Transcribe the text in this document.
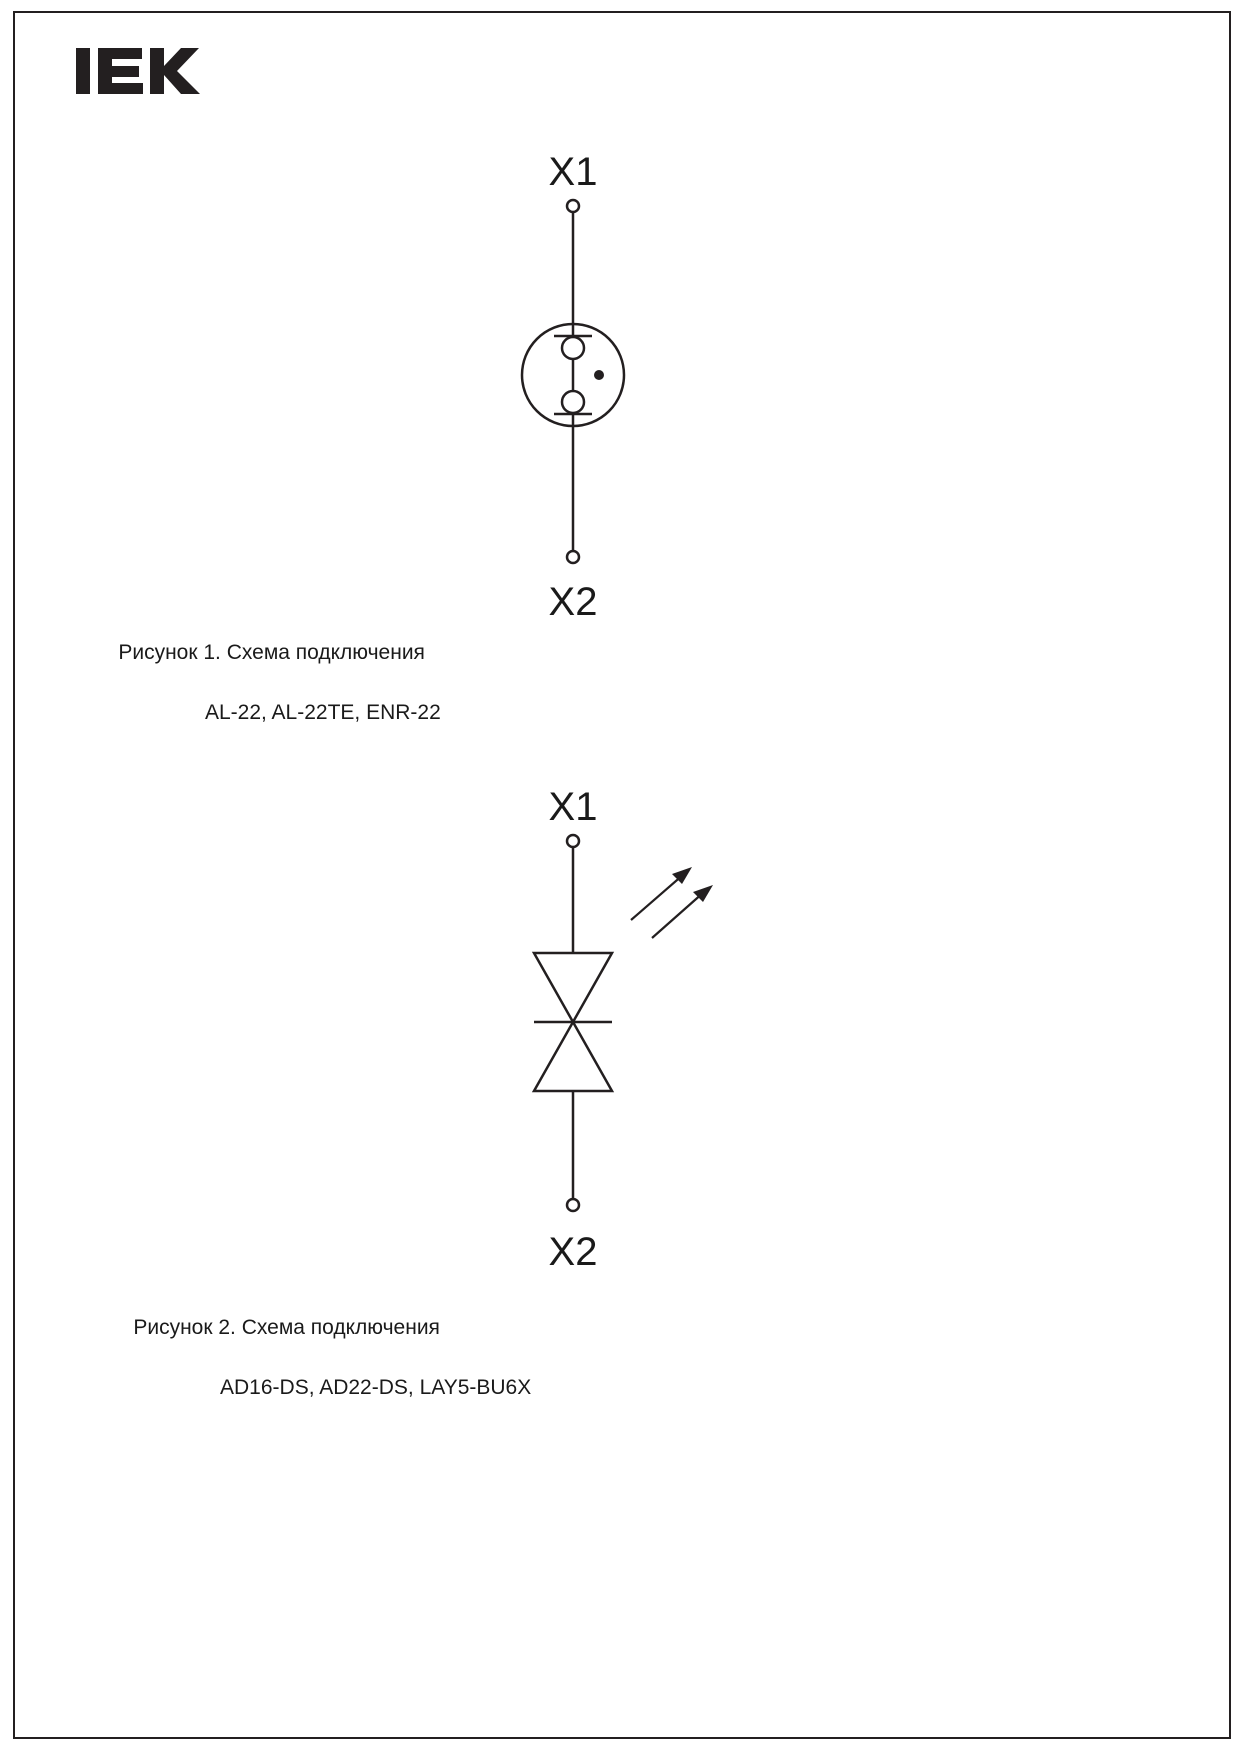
X1
X2

Рисунок 1. Схема подключения

AL-22, AL-22TE, ENR-22

X1
X2

Рисунок 2. Схема подключения

AD16-DS, AD22-DS, LAY5-BU6X
